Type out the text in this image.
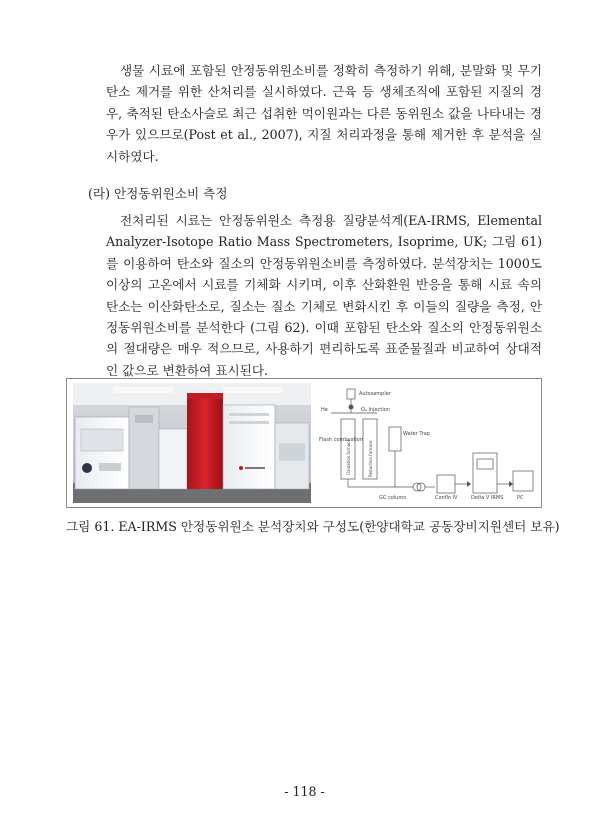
생물 시료에 포함된 안정동위원소비를 정확히 측정하기 위해, 분말화 및 무기탄소 제거를 위한 산처리를 실시하였다. 근육 등 생체조직에 포함된 지질의 경우, 축적된 탄소사슬로 최근 섭취한 먹이원과는 다른 동위원소 값을 나타내는 경우가 있으므로(Post et al., 2007), 지질 처리과정을 통해 제거한 후 분석을 실시하였다.

(라) 안정동위원소비 측정

전처리된 시료는 안정동위원소 측정용 질량분석계(EA-IRMS, Elemental Analyzer-Isotope Ratio Mass Spectrometers, Isoprime, UK; 그림 61)를 이용하여 탄소와 질소의 안정동위원소비를 측정하였다. 분석장치는 1000도 이상의 고온에서 시료를 기체화 시키며, 이후 산화환원 반응을 통해 시료 속의 탄소는 이산화탄소로, 질소는 질소 기체로 변화시킨 후 이들의 질량을 측정, 안정동위원소비를 분석한다 (그림 62). 이때 포함된 탄소와 질소의 안정동위원소의 절대량은 매우 적으므로, 사용하기 편리하도록 표준물질과 비교하여 상대적인 값으로 변환하여 표시된다.

Autosampler
He	O₂ Injection
Flash combustion
Water Trap
GC column	Conflo IV	Delta V IRMS	PC
Oxidation furnace	Reduction furnace

그림 61. EA-IRMS 안정동위원소 분석장치와 구성도(한양대학교 공동장비지원센터 보유)

- 118 -
